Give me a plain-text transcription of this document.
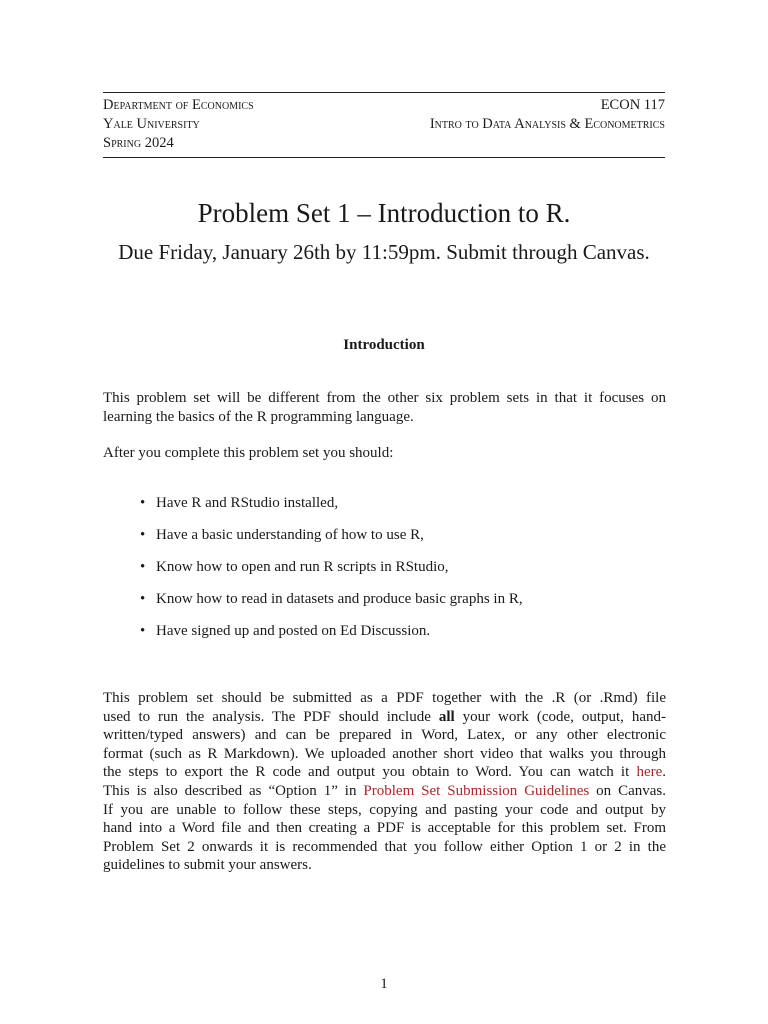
Department of Economics
Yale University
Spring 2024
ECON 117
Intro to Data Analysis & Econometrics
Problem Set 1 – Introduction to R.
Due Friday, January 26th by 11:59pm. Submit through Canvas.
Introduction
This problem set will be different from the other six problem sets in that it focuses on learning the basics of the R programming language.
After you complete this problem set you should:
• Have R and RStudio installed,
• Have a basic understanding of how to use R,
• Know how to open and run R scripts in RStudio,
• Know how to read in datasets and produce basic graphs in R,
• Have signed up and posted on Ed Discussion.
This problem set should be submitted as a PDF together with the .R (or .Rmd) file
used to run the analysis. The PDF should include all your work (code, output, hand-
written/typed answers) and can be prepared in Word, Latex, or any other electronic
format (such as R Markdown). We uploaded another short video that walks you through
the steps to export the R code and output you obtain to Word. You can watch it here.
This is also described as “Option 1” in Problem Set Submission Guidelines on Canvas.
If you are unable to follow these steps, copying and pasting your code and output by
hand into a Word file and then creating a PDF is acceptable for this problem set. From
Problem Set 2 onwards it is recommended that you follow either Option 1 or 2 in the
guidelines to submit your answers.
1
